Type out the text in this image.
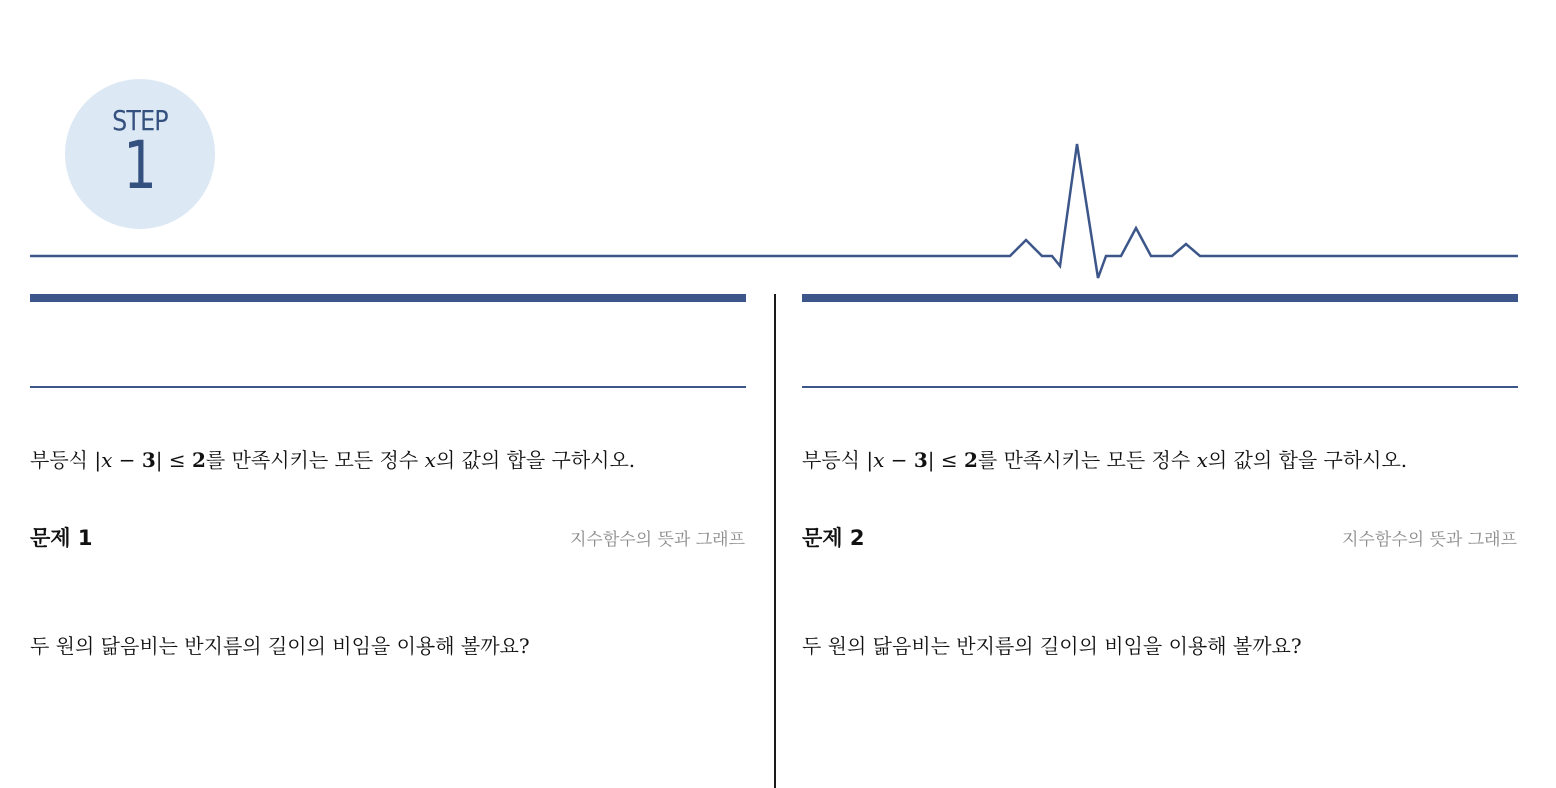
STEP
1
부등식 |x − 3| ≤ 2를 만족시키는 모든 정수 x의 값의 합을 구하시오.
문제 1	지수함수의 뜻과 그래프
두 원의 닮음비는 반지름의 길이의 비임을 이용해 볼까요?
부등식 |x − 3| ≤ 2를 만족시키는 모든 정수 x의 값의 합을 구하시오.
문제 2	지수함수의 뜻과 그래프
두 원의 닮음비는 반지름의 길이의 비임을 이용해 볼까요?
